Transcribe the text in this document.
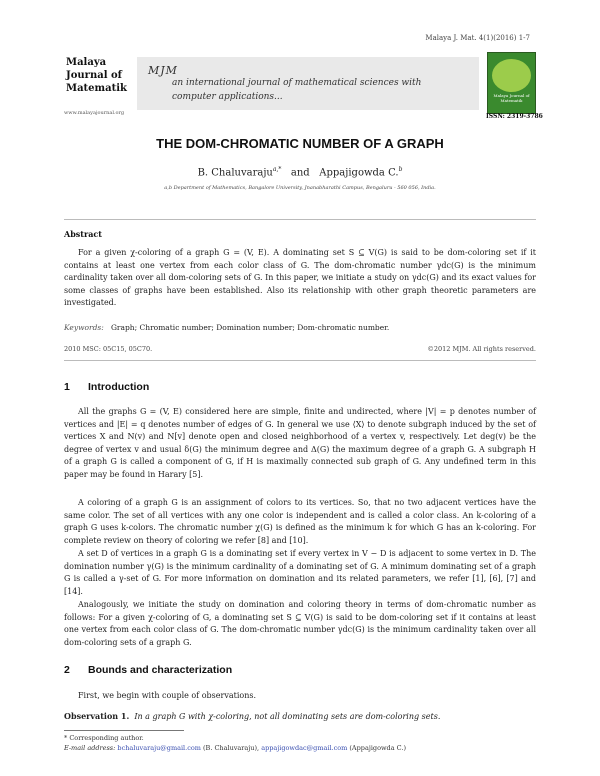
Malaya J. Mat. 4(1)(2016) 1-7
Malaya Journal of Matematik
www.malayajournal.org
MJM
an international journal of mathematical sciences with
computer applications...	Malaya Journal of Matematik
ISSN: 2319-3786
THE DOM-CHROMATIC NUMBER OF A GRAPH
B. Chaluvaraju$^{a,*}$ and Appajigowda C.$^b$
a,b Department of Mathematics, Bangalore University, Jnanabharathi Campus, Bengaluru - 560 056, India.
Abstract
For a given χ-coloring of a graph G = (V, E). A dominating set S ⊆ V(G) is said to be dom-coloring set if it contains at least one vertex from each color class of G. The dom-chromatic number γdc(G) is the minimum cardinality taken over all dom-coloring sets of G. In this paper, we initiate a study on γdc(G) and its exact values for some classes of graphs have been established. Also its relationship with other graph theoretic parameters are investigated.
Keywords: Graph; Chromatic number; Domination number; Dom-chromatic number.
2010 MSC: 05C15, 05C70.	©2012 MJM. All rights reserved.
1 Introduction
All the graphs G = (V, E) considered here are simple, finite and undirected, where |V| = p denotes number of vertices and |E| = q denotes number of edges of G. In general we use ⟨X⟩ to denote subgraph induced by the set of vertices X and N(v) and N[v] denote open and closed neighborhood of a vertex v, respectively. Let deg(v) be the degree of vertex v and usual δ(G) the minimum degree and Δ(G) the maximum degree of a graph G. A subgraph H of a graph G is called a component of G, if H is maximally connected sub graph of G. Any undefined term in this paper may be found in Harary [5].
A coloring of a graph G is an assignment of colors to its vertices. So, that no two adjacent vertices have the same color. The set of all vertices with any one color is independent and is called a color class. An k-coloring of a graph G uses k-colors. The chromatic number χ(G) is defined as the minimum k for which G has an k-coloring. For complete review on theory of coloring we refer [8] and [10].
A set D of vertices in a graph G is a dominating set if every vertex in V − D is adjacent to some vertex in D. The domination number γ(G) is the minimum cardinality of a dominating set of G. A minimum dominating set of a graph G is called a γ-set of G. For more information on domination and its related parameters, we refer [1], [6], [7] and [14].
Analogously, we initiate the study on domination and coloring theory in terms of dom-chromatic number as follows: For a given χ-coloring of G, a dominating set S ⊆ V(G) is said to be dom-coloring set if it contains at least one vertex from each color class of G. The dom-chromatic number γdc(G) is the minimum cardinality taken over all dom-coloring sets of a graph G.
2 Bounds and characterization
First, we begin with couple of observations.
Observation 1. In a graph G with χ-coloring, not all dominating sets are dom-coloring sets.
* Corresponding author.
E-mail address: bchaluvaraju@gmail.com (B. Chaluvaraju), appajigowdac@gmail.com (Appajigowda C.)
